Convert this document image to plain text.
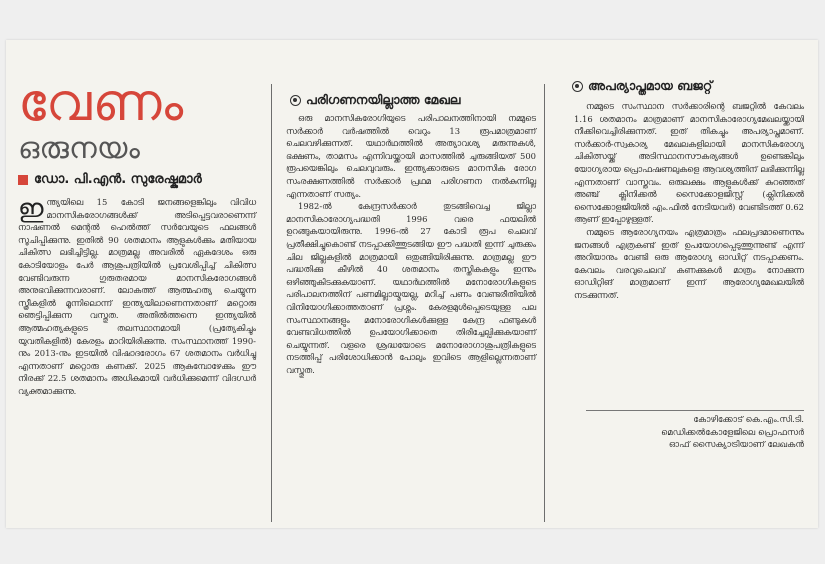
വേണം
ഒരുനയം
ഡോ. പി.എൻ. സുരേഷ്കുമാർ
ഇന്ത്യയിലെ 15 കോടി ജനങ്ങളെങ്കിലും വിവിധ മാനസികരോഗങ്ങൾക്ക് അടിപ്പെട്ടവരാണെന്ന് നാഷണൽ മെന്റൽ ഹെൽത്ത് സർവേയുടെ ഫലങ്ങൾ സൂചിപ്പിക്കുന്നു. ഇതിൽ 90 ശതമാനം ആളുകൾക്കും മതിയായ ചികിത്സ ലഭിച്ചിട്ടില്ല. മാത്രമല്ല അവരിൽ ഏകദേശം ഒരു കോടിയോളം പേർ ആശുപത്രിയിൽ പ്രവേശിപ്പിച്ച് ചികിത്സ വേണ്ടിവരുന്ന ഗുരുതരമായ മാനസികരോഗങ്ങൾ അനുഭവിക്കുന്നവരാണ്. ലോകത്ത് ആത്മഹത്യ ചെയ്യുന്ന സ്ത്രീകളിൽ മൂന്നിലൊന്ന് ഇന്ത്യയിലാണെന്നതാണ് മറ്റൊരു ഞെട്ടിപ്പിക്കുന്ന വസ്തുത. അതിൽത്തന്നെ ഇന്ത്യയിൽ ആത്മഹത്യകളുടെ തലസ്ഥാനമായി (പ്രത്യേകിച്ചും യുവതികളിൽ) കേരളം മാറിയിരിക്കുന്നു. സംസ്ഥാനത്ത് 1990-നും 2013-നും ഇടയിൽ വിഷാദരോഗം 67 ശതമാനം വർധിച്ചു എന്നതാണ് മറ്റൊരു കണക്ക്. 2025 ആകുമ്പോഴേക്കും ഈ നിരക്ക് 22.5 ശതമാനം അധികമായി വർധിക്കുമെന്ന് വിദഗ്ധർ വ്യക്തമാക്കുന്നു.
പരിഗണനയില്ലാത്ത മേഖല

ഒരു മാനസികരോഗിയുടെ പരിപാലനത്തിനായി നമ്മുടെ സർക്കാർ വർഷത്തിൽ വെറും 13 രൂപമാത്രമാണ് ചെലവഴിക്കുന്നത്. യഥാർഥത്തിൽ അത്യാവശ്യ മരുന്നുകൾ, ഭക്ഷണം, താമസം എന്നിവയ്ക്കായി മാസത്തിൽ ചുരുങ്ങിയത് 500 രൂപയെങ്കിലും ചെലവുവരും. ഇന്ത്യക്കാരുടെ മാനസിക രോഗ സംരക്ഷണത്തിൽ സർക്കാർ പ്രഥമ പരിഗണന നൽകുന്നില്ല എന്നതാണ് സത്യം.

1982-ൽ കേന്ദ്രസർക്കാർ തുടങ്ങിവെച്ച ജില്ലാ മാനസികാരോഗ്യപദ്ധതി 1996 വരെ ഫയലിൽ ഉറങ്ങുകയായിരുന്നു. 1996-ൽ 27 കോടി രൂപ ചെലവ് പ്രതീക്ഷിച്ചുകൊണ്ട് നടപ്പാക്കിത്തുടങ്ങിയ ഈ പദ്ധതി ഇന്ന് ചുരുക്കം ചില ജില്ലകളിൽ മാത്രമായി ഒതുങ്ങിയിരിക്കുന്നു. മാത്രമല്ല ഈ പദ്ധതിക്കു കീഴിൽ 40 ശതമാനം തസ്തികകളും ഇന്നും ഒഴിഞ്ഞുകിടക്കുകയാണ്. യഥാർഥത്തിൽ മനോരോഗികളുടെ പരിപാലനത്തിന് പണമില്ലായ്മയല്ല, മറിച്ച് പണം വേണ്ടരീതിയിൽ വിനിയോഗിക്കാത്തതാണ് പ്രശ്നം. കേരളമുൾപ്പെടെയുള്ള പല സംസ്ഥാനങ്ങളും മനോരോഗികൾക്കുള്ള കേന്ദ്ര ഫണ്ടുകൾ വേണ്ടവിധത്തിൽ ഉപയോഗിക്കാതെ തിരിച്ചേല്പിക്കുകയാണ് ചെയ്യുന്നത്. വളരെ ശ്രദ്ധയോടെ മനോരോഗാശുപത്രികളുടെ നടത്തിപ്പ് പരിശോധിക്കാൻ പോലും ഇവിടെ ആളില്ലെന്നതാണ് വസ്തുത.

അപര്യാപ്തമായ ബജറ്റ്

നമ്മുടെ സംസ്ഥാന സർക്കാരിന്റെ ബജറ്റിൽ കേവലം 1.16 ശതമാനം മാത്രമാണ് മാനസികാരോഗ്യമേഖലയ്ക്കായി നീക്കിവെച്ചിരിക്കുന്നത്. ഇത് തികച്ചും അപര്യാപ്തമാണ്. സർക്കാർ-സ്വകാര്യ മേഖലകളിലായി മാനസികരോഗ്യ ചികിത്സയ്ക്ക് അടിസ്ഥാനസൗകര്യങ്ങൾ ഉണ്ടെങ്കിലും യോഗ്യരായ പ്രൊഫഷണലുകളെ ആവശ്യത്തിന് ലഭിക്കുന്നില്ല എന്നതാണ് വാസ്തവം. ഒരുലക്ഷം ആളുകൾക്ക് കുറഞ്ഞത് അഞ്ച് ക്ലിനിക്കൽ സൈക്കോളജിസ്റ്റ് (ക്ലിനിക്കൽ സൈക്കോളജിയിൽ എം.ഫിൽ നേടിയവർ) വേണ്ടിടത്ത് 0.62 ആണ് ഇപ്പോഴുള്ളത്.

നമ്മുടെ ആരോഗ്യനയം എത്രമാത്രം ഫലപ്രദമാണെന്നും ജനങ്ങൾ എത്രകണ്ട് ഇത് ഉപയോഗപ്പെടുത്തുന്നുണ്ട് എന്ന് അറിയാനും വേണ്ടി ഒരു ആരോഗ്യ ഓഡിറ്റ് നടപ്പാക്കണം. കേവലം വരവുചെലവ് കണക്കുകൾ മാത്രം നോക്കുന്ന ഓഡിറ്റിങ് മാത്രമാണ് ഇന്ന് ആരോഗ്യമേഖലയിൽ നടക്കുന്നത്.

കോഴിക്കോട് കെ.എം.സി.ടി.
മെഡിക്കൽകോളേജിലെ പ്രൊഫസർ
ഓഫ് സൈക്യാട്രിയാണ് ലേഖകൻ
